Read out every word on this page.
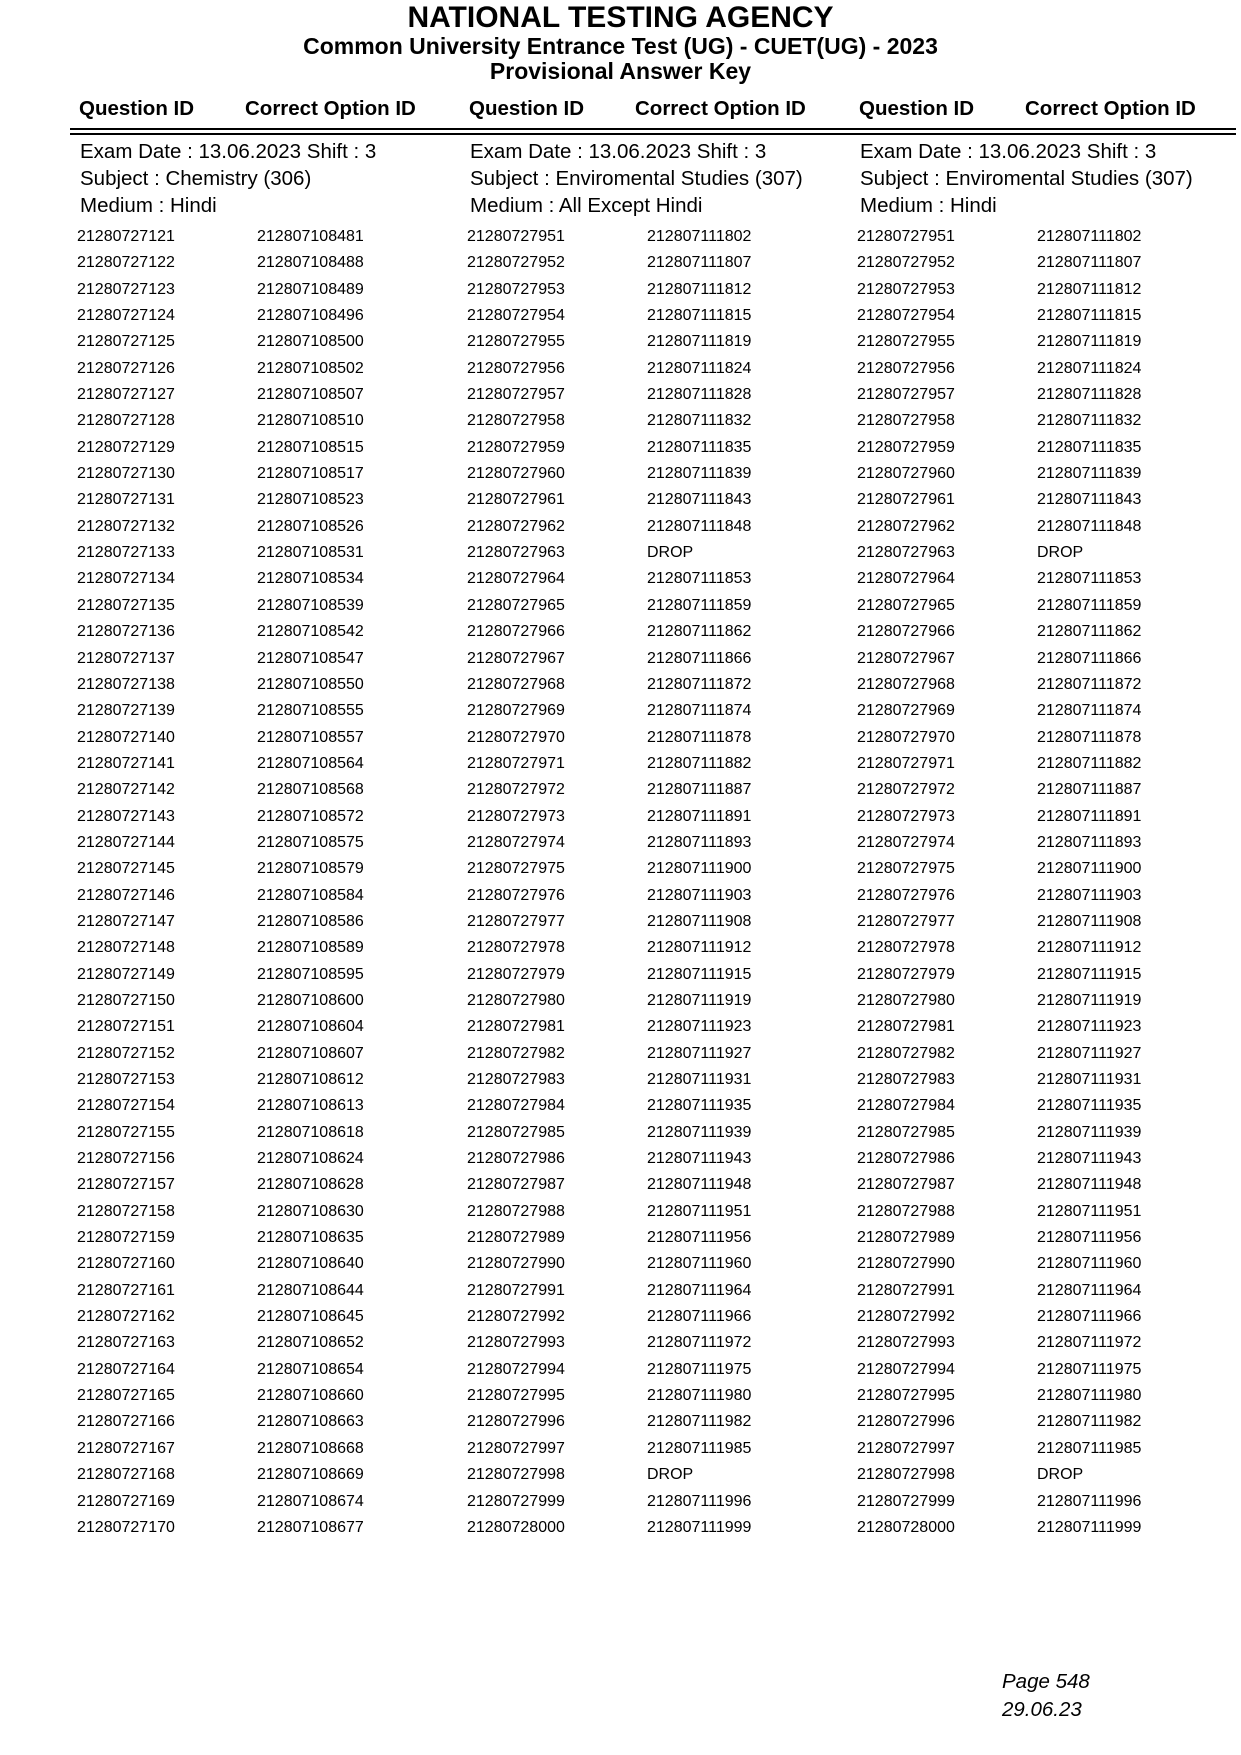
NATIONAL TESTING AGENCY
Common University Entrance Test (UG) - CUET(UG) - 2023
Provisional Answer Key
Question ID Correct Option ID	Question ID Correct Option ID	Question ID Correct Option ID
Exam Date : 13.06.2023 Shift : 3
Subject : Chemistry (306)
Medium : Hindi
Exam Date : 13.06.2023 Shift : 3
Subject : Enviromental Studies (307)
Medium : All Except Hindi
Exam Date : 13.06.2023 Shift : 3
Subject : Enviromental Studies (307)
Medium : Hindi
21280727121	212807108481
21280727122	212807108488
21280727123	212807108489
21280727124	212807108496
21280727125	212807108500
21280727126	212807108502
21280727127	212807108507
21280727128	212807108510
21280727129	212807108515
21280727130	212807108517
21280727131	212807108523
21280727132	212807108526
21280727133	212807108531
21280727134	212807108534
21280727135	212807108539
21280727136	212807108542
21280727137	212807108547
21280727138	212807108550
21280727139	212807108555
21280727140	212807108557
21280727141	212807108564
21280727142	212807108568
21280727143	212807108572
21280727144	212807108575
21280727145	212807108579
21280727146	212807108584
21280727147	212807108586
21280727148	212807108589
21280727149	212807108595
21280727150	212807108600
21280727151	212807108604
21280727152	212807108607
21280727153	212807108612
21280727154	212807108613
21280727155	212807108618
21280727156	212807108624
21280727157	212807108628
21280727158	212807108630
21280727159	212807108635
21280727160	212807108640
21280727161	212807108644
21280727162	212807108645
21280727163	212807108652
21280727164	212807108654
21280727165	212807108660
21280727166	212807108663
21280727167	212807108668
21280727168	212807108669
21280727169	212807108674
21280727170	212807108677
21280727951	212807111802
21280727952	212807111807
21280727953	212807111812
21280727954	212807111815
21280727955	212807111819
21280727956	212807111824
21280727957	212807111828
21280727958	212807111832
21280727959	212807111835
21280727960	212807111839
21280727961	212807111843
21280727962	212807111848
21280727963	DROP
21280727964	212807111853
21280727965	212807111859
21280727966	212807111862
21280727967	212807111866
21280727968	212807111872
21280727969	212807111874
21280727970	212807111878
21280727971	212807111882
21280727972	212807111887
21280727973	212807111891
21280727974	212807111893
21280727975	212807111900
21280727976	212807111903
21280727977	212807111908
21280727978	212807111912
21280727979	212807111915
21280727980	212807111919
21280727981	212807111923
21280727982	212807111927
21280727983	212807111931
21280727984	212807111935
21280727985	212807111939
21280727986	212807111943
21280727987	212807111948
21280727988	212807111951
21280727989	212807111956
21280727990	212807111960
21280727991	212807111964
21280727992	212807111966
21280727993	212807111972
21280727994	212807111975
21280727995	212807111980
21280727996	212807111982
21280727997	212807111985
21280727998	DROP
21280727999	212807111996
21280728000	212807111999
21280727951	212807111802
21280727952	212807111807
21280727953	212807111812
21280727954	212807111815
21280727955	212807111819
21280727956	212807111824
21280727957	212807111828
21280727958	212807111832
21280727959	212807111835
21280727960	212807111839
21280727961	212807111843
21280727962	212807111848
21280727963	DROP
21280727964	212807111853
21280727965	212807111859
21280727966	212807111862
21280727967	212807111866
21280727968	212807111872
21280727969	212807111874
21280727970	212807111878
21280727971	212807111882
21280727972	212807111887
21280727973	212807111891
21280727974	212807111893
21280727975	212807111900
21280727976	212807111903
21280727977	212807111908
21280727978	212807111912
21280727979	212807111915
21280727980	212807111919
21280727981	212807111923
21280727982	212807111927
21280727983	212807111931
21280727984	212807111935
21280727985	212807111939
21280727986	212807111943
21280727987	212807111948
21280727988	212807111951
21280727989	212807111956
21280727990	212807111960
21280727991	212807111964
21280727992	212807111966
21280727993	212807111972
21280727994	212807111975
21280727995	212807111980
21280727996	212807111982
21280727997	212807111985
21280727998	DROP
21280727999	212807111996
21280728000	212807111999
Page 548
29.06.23
